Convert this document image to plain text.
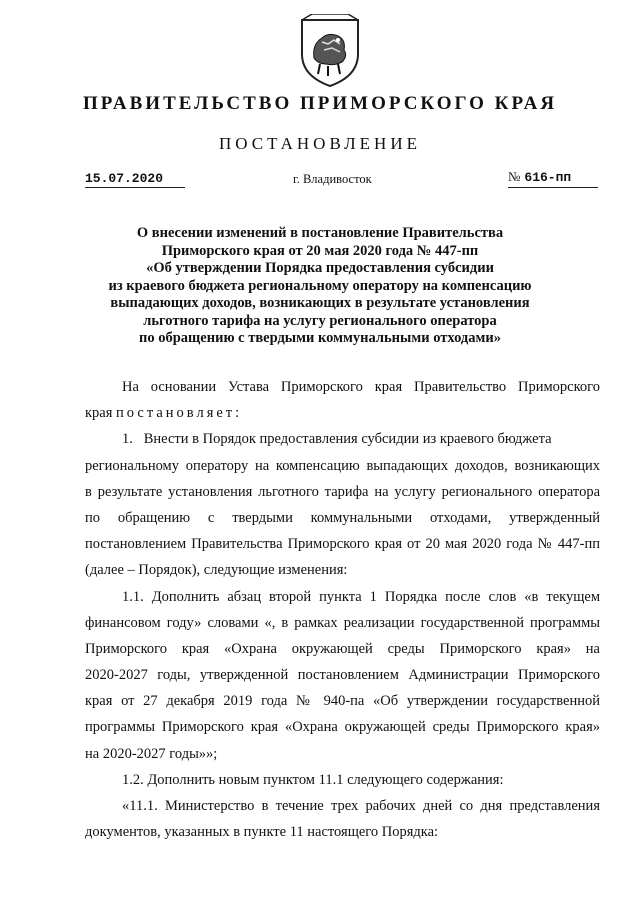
ПРАВИТЕЛЬСТВО ПРИМОРСКОГО КРАЯ
ПОСТАНОВЛЕНИЕ
15.07.2020	г. Владивосток	№ 616-пп
О внесении изменений в постановление Правительства
Приморского края от 20 мая 2020 года № 447-пп
«Об утверждении Порядка предоставления субсидии
из краевого бюджета региональному оператору на компенсацию
выпадающих доходов, возникающих в результате установления
льготного тарифа на услугу регионального оператора
по обращению с твердыми коммунальными отходами»
На основании Устава Приморского края Правительство Приморского
края постановляет:
1.   Внести в Порядок предоставления субсидии из краевого бюджета
региональному оператору на компенсацию выпадающих доходов, возникающих
в результате установления льготного тарифа на услугу регионального оператора
по обращению с твердыми коммунальными отходами, утвержденный
постановлением Правительства Приморского края от 20 мая 2020 года № 447-пп
(далее – Порядок), следующие изменения:
1.1. Дополнить абзац второй пункта 1 Порядка после слов «в текущем
финансовом году» словами «, в рамках реализации государственной программы
Приморского края «Охрана окружающей среды Приморского края» на
2020-2027 годы, утвержденной постановлением Администрации Приморского
края от 27 декабря 2019 года № 940-па «Об утверждении государственной
программы Приморского края «Охрана окружающей среды Приморского края»
на 2020-2027 годы»»;
1.2. Дополнить новым пунктом 11.1 следующего содержания:
«11.1. Министерство в течение трех рабочих дней со дня представления
документов, указанных в пункте 11 настоящего Порядка:
